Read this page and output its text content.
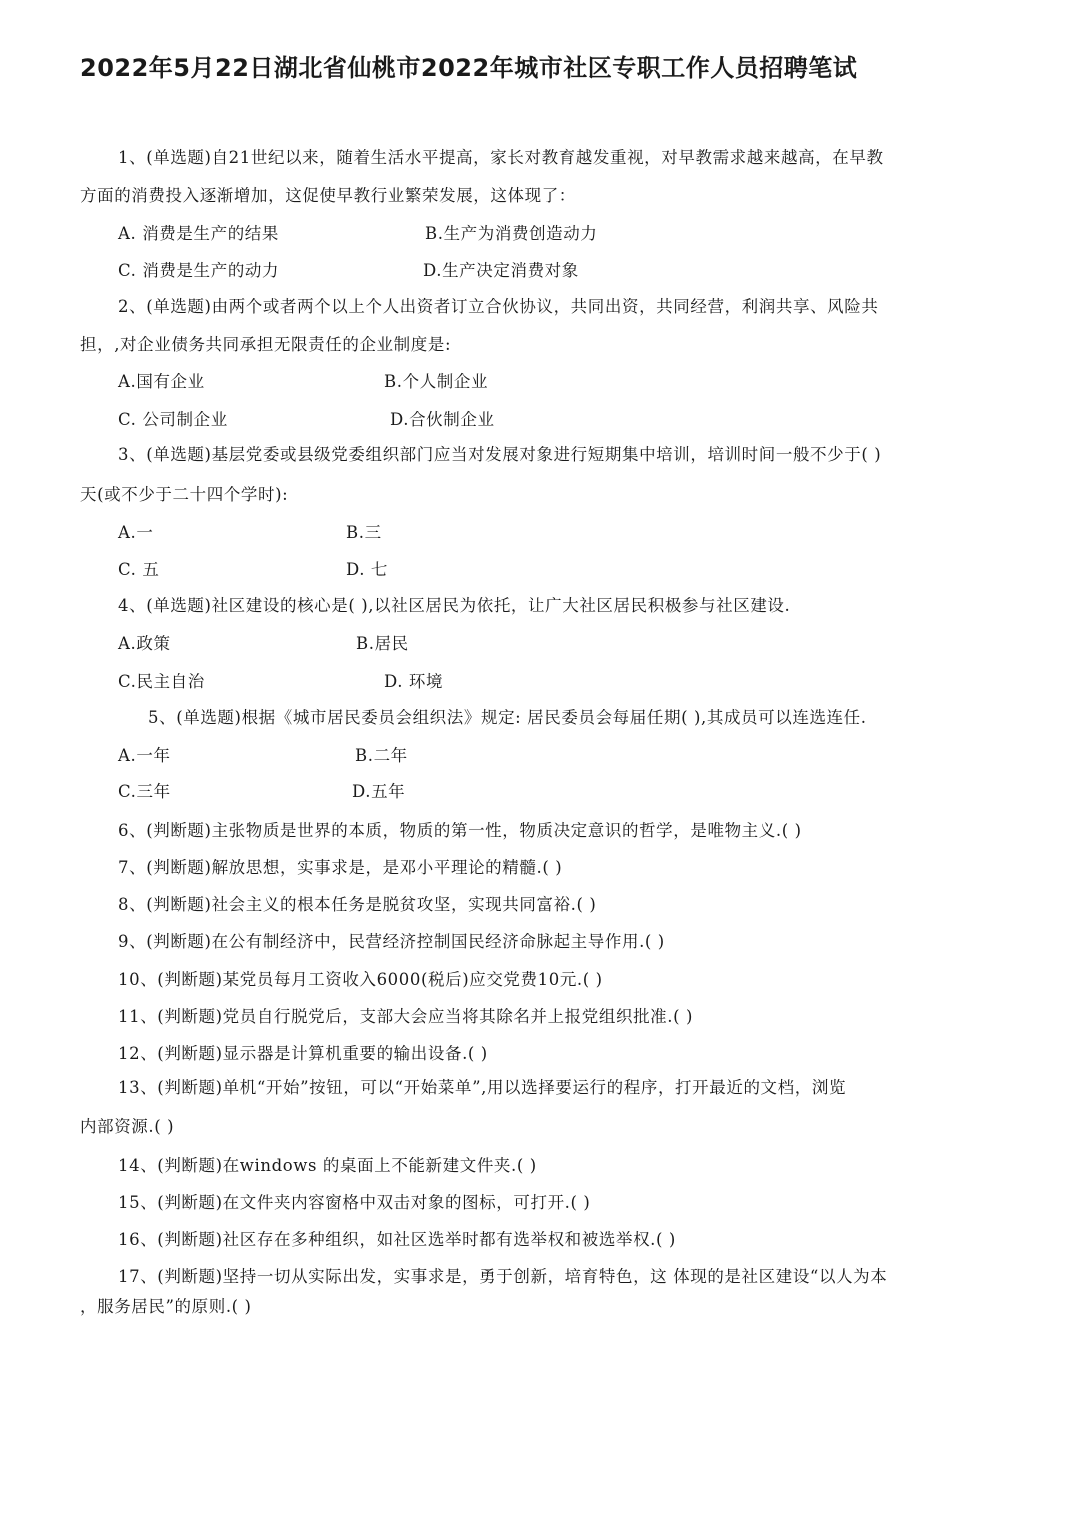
2022年5月22日湖北省仙桃市2022年城市社区专职工作人员招聘笔试
1、(单选题)自21世纪以来，随着生活水平提高，家长对教育越发重视，对早教需求越来越高，在早教
方面的消费投入逐渐增加，这促使早教行业繁荣发展，这体现了：
A. 消费是生产的结果	B.生产为消费创造动力
C. 消费是生产的动力	D.生产决定消费对象
2、(单选题)由两个或者两个以上个人出资者订立合伙协议，共同出资，共同经营，利润共享、风险共
担，,对企业债务共同承担无限责任的企业制度是:
A.国有企业	B.个人制企业
C. 公司制企业	D.合伙制企业
3、(单选题)基层党委或县级党委组织部门应当对发展对象进行短期集中培训，培训时间一般不少于( )
天(或不少于二十四个学时):
A.一	B.三
C. 五	D. 七
4、(单选题)社区建设的核心是( ),以社区居民为依托，让广大社区居民积极参与社区建设.
A.政策	B.居民
C.民主自治	D. 环境
5、(单选题)根据《城市居民委员会组织法》规定: 居民委员会每届任期( ),其成员可以连选连任.
A.一年	B.二年
C.三年	D.五年
6、(判断题)主张物质是世界的本质，物质的第一性，物质决定意识的哲学，是唯物主义.( )
7、(判断题)解放思想，实事求是，是邓小平理论的精髓.( )
8、(判断题)社会主义的根本任务是脱贫攻坚，实现共同富裕.( )
9、(判断题)在公有制经济中，民营经济控制国民经济命脉起主导作用.( )
10、(判断题)某党员每月工资收入6000(税后)应交党费10元.( )
11、(判断题)党员自行脱党后，支部大会应当将其除名并上报党组织批准.( )
12、(判断题)显示器是计算机重要的输出设备.( )
13、(判断题)单机“开始”按钮，可以“开始菜单”,用以选择要运行的程序，打开最近的文档，浏览
内部资源.( )
14、(判断题)在windows 的桌面上不能新建文件夹.( )
15、(判断题)在文件夹内容窗格中双击对象的图标，可打开.( )
16、(判断题)社区存在多种组织，如社区选举时都有选举权和被选举权.( )
17、(判断题)坚持一切从实际出发，实事求是，勇于创新，培育特色，这 体现的是社区建设“以人为本
，服务居民”的原则.( )
